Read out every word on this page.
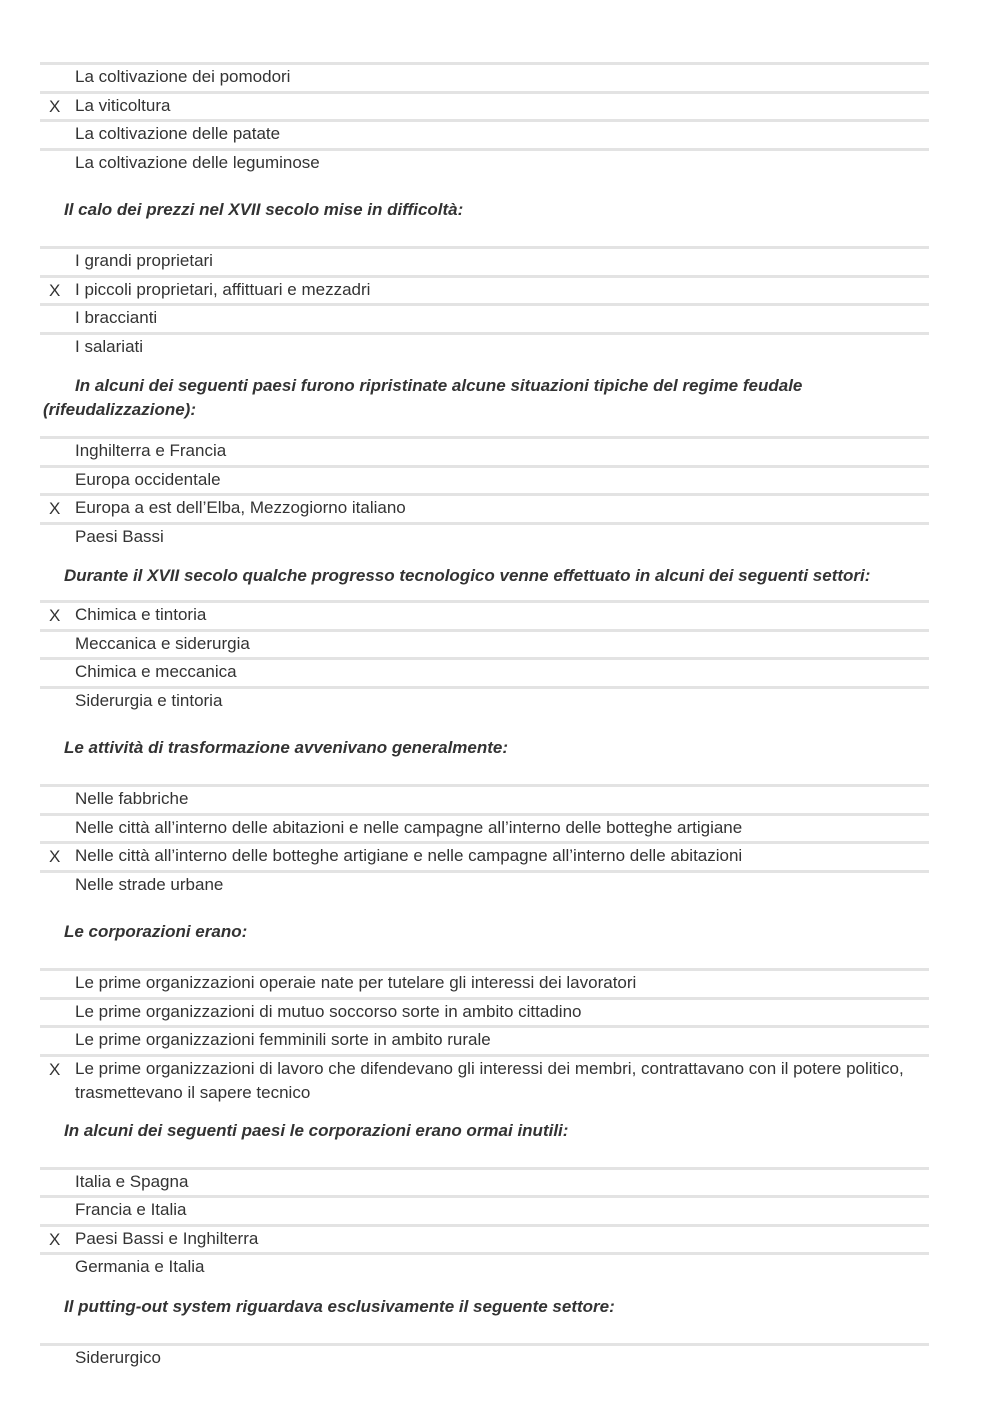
La coltivazione dei pomodori
X La viticoltura
La coltivazione delle patate
La coltivazione delle leguminose
Il calo dei prezzi nel XVII secolo mise in difficoltà:
I grandi proprietari
X I piccoli proprietari, affittuari e mezzadri
I braccianti
I salariati
In alcuni dei seguenti paesi furono ripristinate alcune situazioni tipiche del regime feudale (rifeudalizzazione):
Inghilterra e Francia
Europa occidentale
X Europa a est dell’Elba, Mezzogiorno italiano
Paesi Bassi
Durante il XVII secolo qualche progresso tecnologico venne effettuato in alcuni dei seguenti settori:
X Chimica e tintoria
Meccanica e siderurgia
Chimica e meccanica
Siderurgia e tintoria
Le attività di trasformazione avvenivano generalmente:
Nelle fabbriche
Nelle città all’interno delle abitazioni e nelle campagne all’interno delle botteghe artigiane
X Nelle città all’interno delle botteghe artigiane e nelle campagne all’interno delle abitazioni
Nelle strade urbane
Le corporazioni erano:
Le prime organizzazioni operaie nate per tutelare gli interessi dei lavoratori
Le prime organizzazioni di mutuo soccorso sorte in ambito cittadino
Le prime organizzazioni femminili sorte in ambito rurale
X Le prime organizzazioni di lavoro che difendevano gli interessi dei membri, contrattavano con il potere politico, trasmettevano il sapere tecnico
In alcuni dei seguenti paesi le corporazioni erano ormai inutili:
Italia e Spagna
Francia e Italia
X Paesi Bassi e Inghilterra
Germania e Italia
Il putting-out system riguardava esclusivamente il seguente settore:
Siderurgico
